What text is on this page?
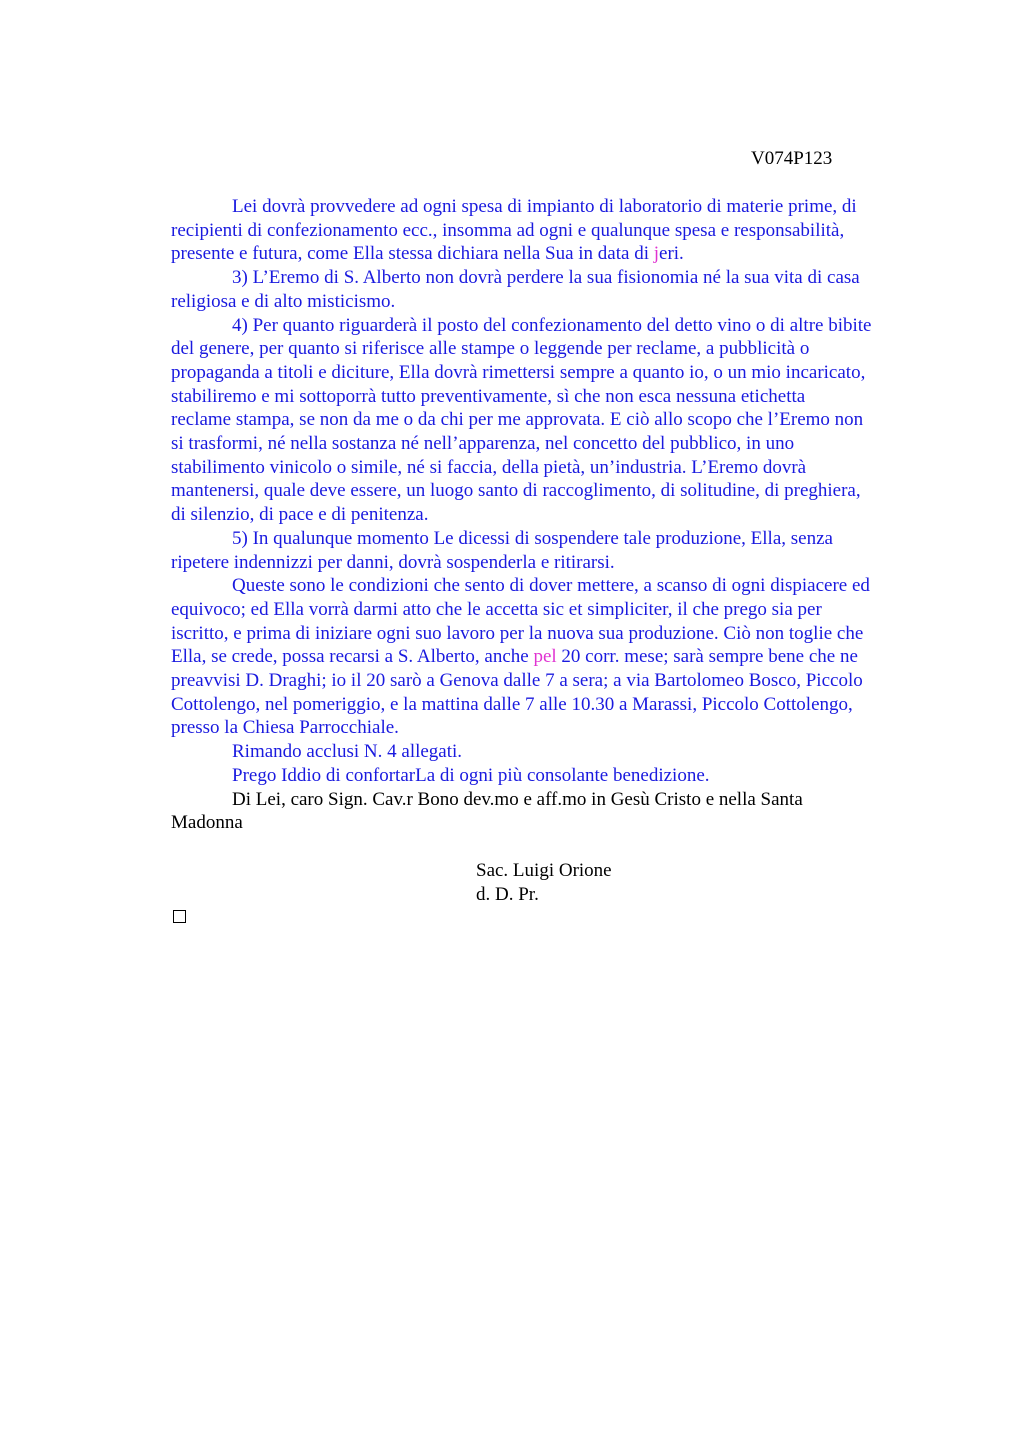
V074P123

Lei dovrà provvedere ad ogni spesa di impianto di laboratorio di materie prime, di
recipienti di confezionamento ecc., insomma ad ogni e qualunque spesa e responsabilità,
presente e futura, come Ella stessa dichiara nella Sua in data di jeri.

3) L’Eremo di S. Alberto non dovrà perdere la sua fisionomia né la sua vita di casa
religiosa e di alto misticismo.

4) Per quanto riguarderà il posto del confezionamento del detto vino o di altre bibite
del genere, per quanto si riferisce alle stampe o leggende per reclame, a pubblicità o
propaganda a titoli e diciture, Ella dovrà rimettersi sempre a quanto io, o un mio incaricato,
stabiliremo e mi sottoporrà tutto preventivamente, sì che non esca nessuna etichetta
reclame stampa, se non da me o da chi per me approvata. E ciò allo scopo che l’Eremo non
si trasformi, né nella sostanza né nell’apparenza, nel concetto del pubblico, in uno
stabilimento vinicolo o simile, né si faccia, della pietà, un’industria. L’Eremo dovrà
mantenersi, quale deve essere, un luogo santo di raccoglimento, di solitudine, di preghiera,
di silenzio, di pace e di penitenza.

5) In qualunque momento Le dicessi di sospendere tale produzione, Ella, senza
ripetere indennizzi per danni, dovrà sospenderla e ritirarsi.

Queste sono le condizioni che sento di dover mettere, a scanso di ogni dispiacere ed
equivoco; ed Ella vorrà darmi atto che le accetta sic et simpliciter, il che prego sia per
iscritto, e prima di iniziare ogni suo lavoro per la nuova sua produzione. Ciò non toglie che
Ella, se crede, possa recarsi a S. Alberto, anche pel 20 corr. mese; sarà sempre bene che ne
preavvisi D. Draghi; io il 20 sarò a Genova dalle 7 a sera; a via Bartolomeo Bosco, Piccolo
Cottolengo, nel pomeriggio, e la mattina dalle 7 alle 10.30 a Marassi, Piccolo Cottolengo,
presso la Chiesa Parrocchiale.

Rimando acclusi N. 4 allegati.

Prego Iddio di confortarLa di ogni più consolante benedizione.

Di Lei, caro Sign. Cav.r Bono dev.mo e aff.mo in Gesù Cristo e nella Santa
Madonna

Sac. Luigi Orione
d. D. Pr.
